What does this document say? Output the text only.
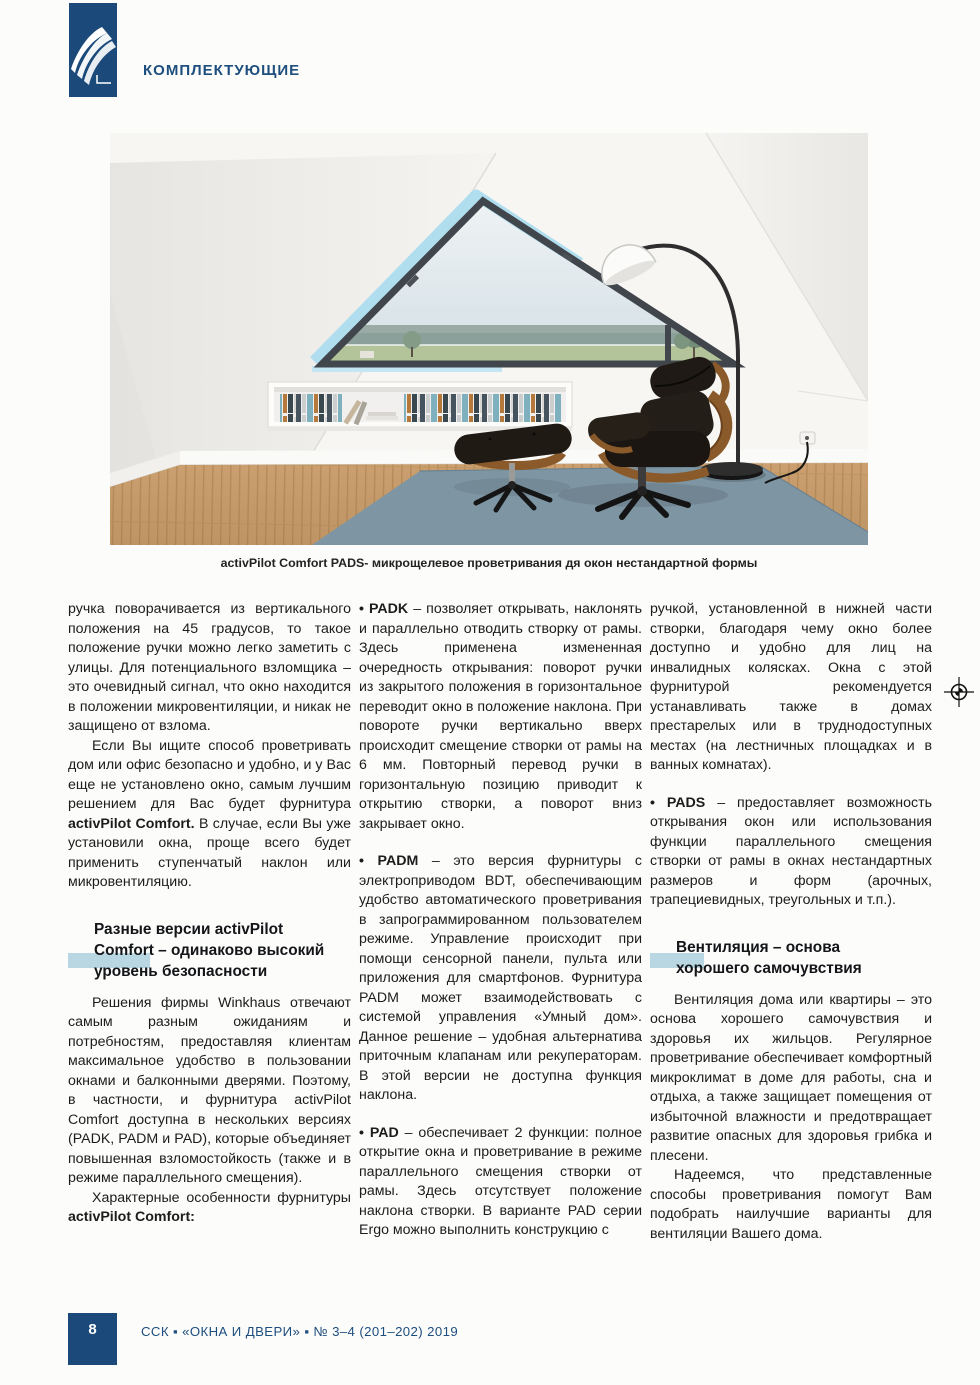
КОМПЛЕКТУЮЩИЕ
activPilot Comfort PADS- микрощелевое проветривания дя окон нестандартной формы

ручка поворачивается из вертикального положения на 45 градусов, то такое положение ручки можно легко заметить с улицы. Для потенциального взломщика – это очевидный сигнал, что окно находится в положении микровентиляции, и никак не защищено от взлома.

Если Вы ищите способ проветривать дом или офис безопасно и удобно, и у Вас еще не установлено окно, самым лучшим решением для Вас будет фурнитура activPilot Comfort. В случае, если Вы уже установили окна, проще всего будет применить ступенчатый наклон или микровентиляцию.

Разные версии activPilot
Comfort – одинаково высокий
уровень безопасности

Решения фирмы Winkhaus отвечают самым разным ожиданиям и потребностям, предоставляя клиентам максимальное удобство в пользовании окнами и балконными дверями. Поэтому, в частности, и фурнитура activPilot Comfort доступна в нескольких версиях (PADK, PADM и PAD), которые объединяет повышенная взломостойкость (также и в режиме параллельного смещения).

Характерные особенности фурнитуры activPilot Comfort:

• PADK – позволяет открывать, наклонять и параллельно отводить створку от рамы. Здесь применена измененная очередность открывания: поворот ручки из закрытого положения в горизонтальное переводит окно в положение наклона. При повороте ручки вертикально вверх происходит смещение створки от рамы на 6 мм. Повторный перевод ручки в горизонтальную позицию приводит к открытию створки, а поворот вниз закрывает окно.

• PADM – это версия фурнитуры с электроприводом BDT, обеспечивающим удобство автоматического проветривания в запрограммированном пользователем режиме. Управление происходит при помощи сенсорной панели, пульта или приложения для смартфонов. Фурнитура PADM может взаимодействовать с системой управления «Умный дом». Данное решение – удобная альтернатива приточным клапанам или рекуператорам. В этой версии не доступна функция наклона.

• PAD – обеспечивает 2 функции: полное открытие окна и проветривание в режиме параллельного смещения створки от рамы. Здесь отсутствует положение наклона створки. В варианте PAD серии Ergo можно выполнить конструкцию с

ручкой, установленной в нижней части створки, благодаря чему окно более доступно и удобно для лиц на инвалидных колясках. Окна с этой фурнитурой рекомендуется устанавливать также в домах престарелых или в труднодоступных местах (на лестничных площадках и в ванных комнатах).

• PADS – предоставляет возможность открывания окон или использования функции параллельного смещения створки от рамы в окнах нестандартных размеров и форм (арочных, трапециевидных, треугольных и т.п.).

Вентиляция – основа
хорошего самочувствия

Вентиляция дома или квартиры – это основа хорошего самочувствия и здоровья их жильцов. Регулярное проветривание обеспечивает комфортный микроклимат в доме для работы, сна и отдыха, а также защищает помещения от избыточной влажности и предотвращает развитие опасных для здоровья грибка и плесени.

Надеемся, что представленные способы проветривания помогут Вам подобрать наилучшие варианты для вентиляции Вашего дома.

8	ССК ▪ «ОКНА И ДВЕРИ» ▪ № 3–4 (201–202) 2019
